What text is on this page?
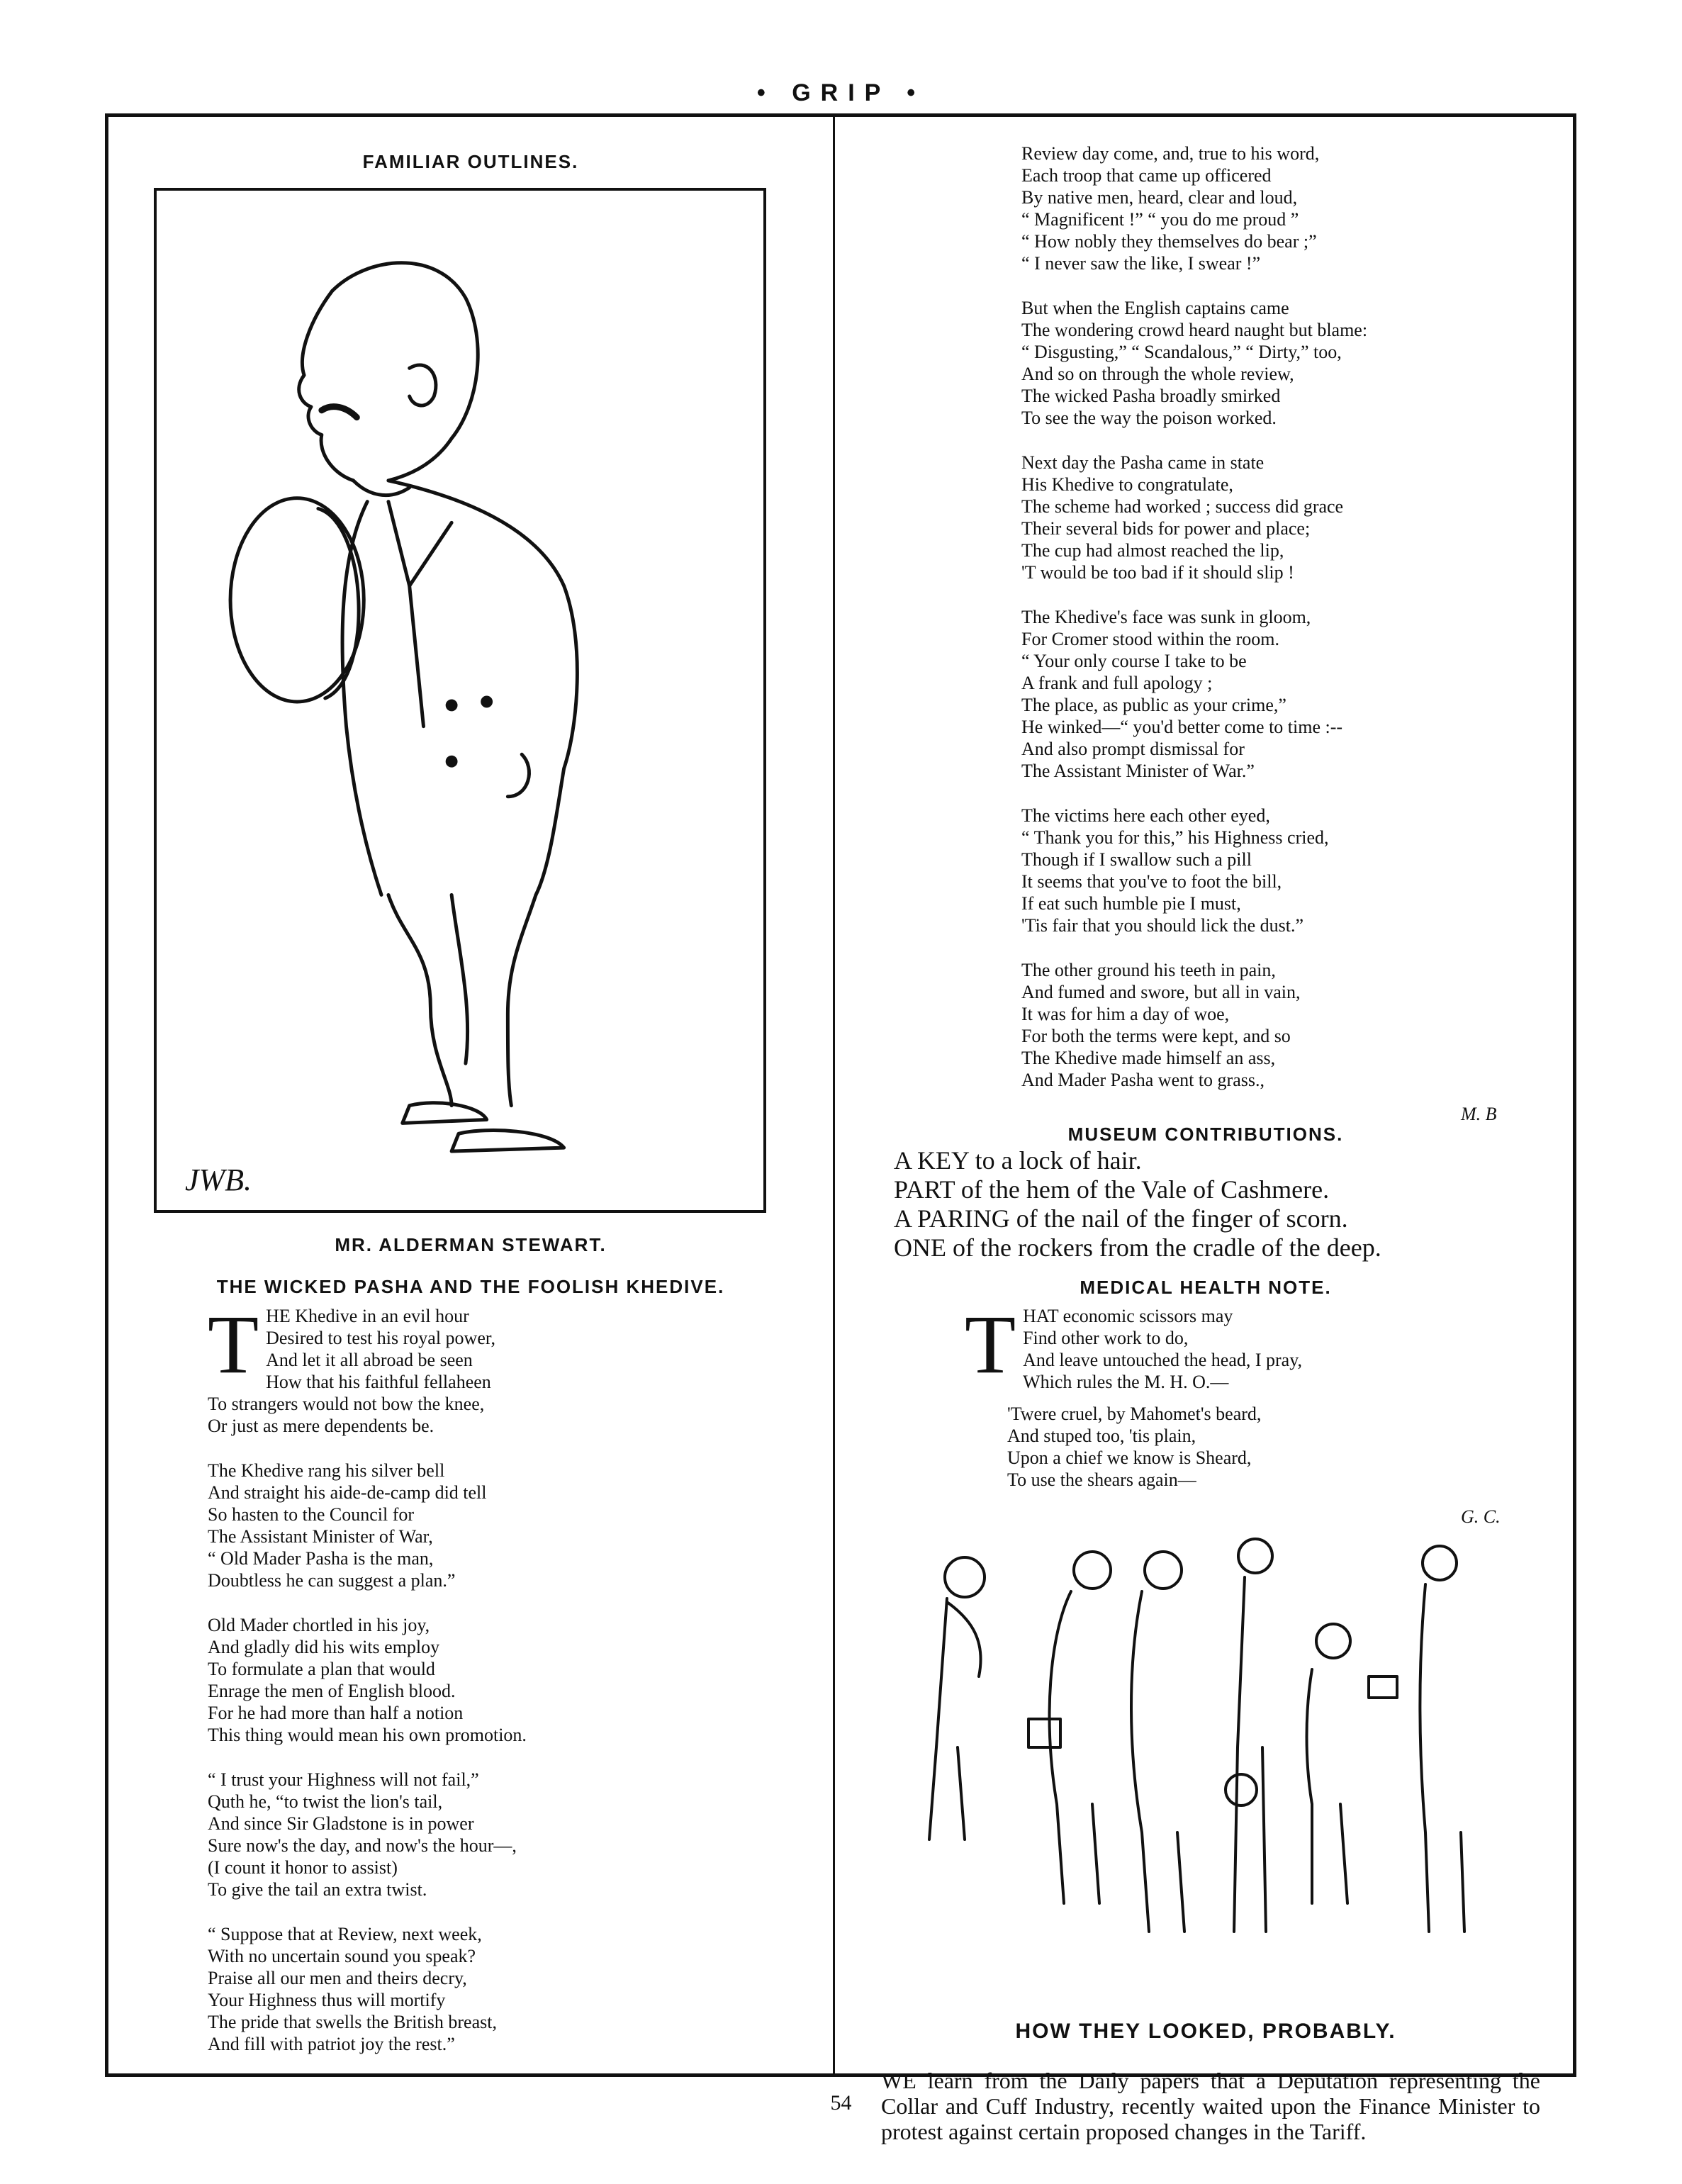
• GRIP •
FAMILIAR OUTLINES.
JWB.
MR. ALDERMAN STEWART.
THE WICKED PASHA AND THE FOOLISH KHEDIVE.
T HE Khedive in an evil hour
Desired to test his royal power,
And let it all abroad be seen
How that his faithful fellaheen
To strangers would not bow the knee,
Or just as mere dependents be.

The Khedive rang his silver bell
And straight his aide-de-camp did tell
So hasten to the Council for
The Assistant Minister of War,
“ Old Mader Pasha is the man,
Doubtless he can suggest a plan.”

Old Mader chortled in his joy,
And gladly did his wits employ
To formulate a plan that would
Enrage the men of English blood.
For he had more than half a notion
This thing would mean his own promotion.

“ I trust your Highness will not fail,”
Quth he, “to twist the lion's tail,
And since Sir Gladstone is in power
Sure now's the day, and now's the hour—,
(I count it honor to assist)
To give the tail an extra twist.

“ Suppose that at Review, next week,
With no uncertain sound you speak?
Praise all our men and theirs decry,
Your Highness thus will mortify
The pride that swells the British breast,
And fill with patriot joy the rest.”

Review day come, and, true to his word,
Each troop that came up officered
By native men, heard, clear and loud,
“ Magnificent !” “ you do me proud ”
“ How nobly they themselves do bear ;”
“ I never saw the like, I swear !”

But when the English captains came
The wondering crowd heard naught but blame:
“ Disgusting,” “ Scandalous,” “ Dirty,” too,
And so on through the whole review,
The wicked Pasha broadly smirked
To see the way the poison worked.

Next day the Pasha came in state
His Khedive to congratulate,
The scheme had worked ; success did grace
Their several bids for power and place;
The cup had almost reached the lip,
'T would be too bad if it should slip !

The Khedive's face was sunk in gloom,
For Cromer stood within the room.
“ Your only course I take to be
A frank and full apology ;
The place, as public as your crime,”
He winked—“ you'd better come to time :--
And also prompt dismissal for
The Assistant Minister of War.”

The victims here each other eyed,
“ Thank you for this,” his Highness cried,
Though if I swallow such a pill
It seems that you've to foot the bill,
If eat such humble pie I must,
'Tis fair that you should lick the dust.”

The other ground his teeth in pain,
And fumed and swore, but all in vain,
It was for him a day of woe,
For both the terms were kept, and so
The Khedive made himself an ass,
And Mader Pasha went to grass.,

M. B
MUSEUM CONTRIBUTIONS.
A KEY to a lock of hair.
PART of the hem of the Vale of Cashmere.
A PARING of the nail of the finger of scorn.
ONE of the rockers from the cradle of the deep.
MEDICAL HEALTH NOTE.
T HAT economic scissors may
Find other work to do,
And leave untouched the head, I pray,
Which rules the M. H. O.—

'Twere cruel, by Mahomet's beard,
And stuped too, 'tis plain,
Upon a chief we know is Sheard,
To use the shears again—

G. C.
HOW THEY LOOKED, PROBABLY.

WE learn from the Daily papers that a Deputation representing the Collar and Cuff Industry, recently waited upon the Finance Minister to protest against certain proposed changes in the Tariff.

54
